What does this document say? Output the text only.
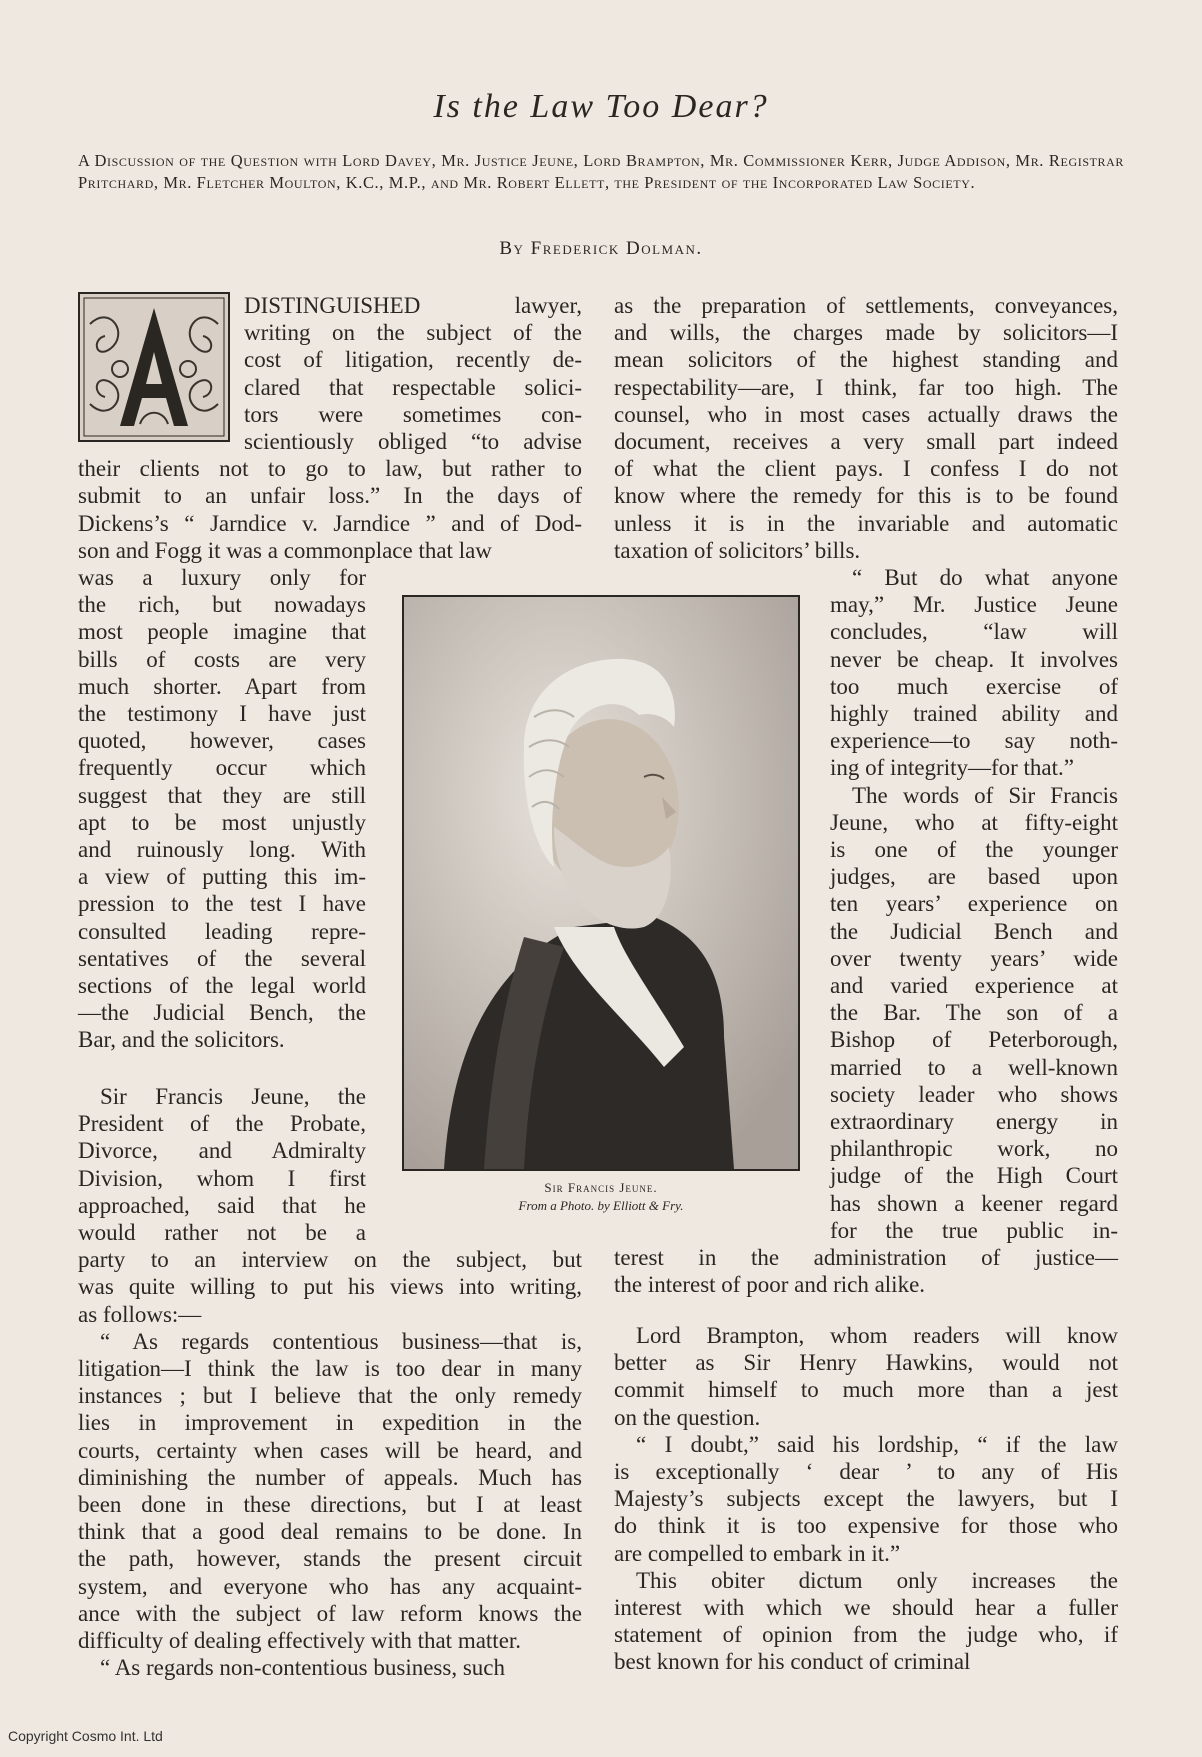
Is the Law Too Dear?
A Discussion of the Question with Lord Davey, Mr. Justice Jeune, Lord Brampton, Mr. Commissioner Kerr, Judge Addison, Mr. Registrar Pritchard, Mr. Fletcher Moulton, K.C., M.P., and Mr. Robert Ellett, the President of the Incorporated Law Society.
By Frederick Dolman.
Sir Francis Jeune.
From a Photo. by Elliott & Fry.
DISTINGUISHED lawyer,
writing on the subject of the
cost of litigation, recently de-
clared that respectable solici-
tors were sometimes con-
scientiously obliged “to advise
their clients not to go to law, but rather to
submit to an unfair loss.” In the days of
Dickens’s “ Jarndice v. Jarndice ” and of Dod-
son and Fogg it was a commonplace that law
was a luxury only for
the rich, but nowadays
most people imagine that
bills of costs are very
much shorter. Apart from
the testimony I have just
quoted, however, cases
frequently occur which
suggest that they are still
apt to be most unjustly
and ruinously long. With
a view of putting this im-
pression to the test I have
consulted leading repre-
sentatives of the several
sections of the legal world
—the Judicial Bench, the
Bar, and the solicitors.
Sir Francis Jeune, the
President of the Probate,
Divorce, and Admiralty
Division, whom I first
approached, said that he
would rather not be a
party to an interview on the subject, but
was quite willing to put his views into writing,
as follows:—
“ As regards contentious business—that is,
litigation—I think the law is too dear in many
instances ; but I believe that the only remedy
lies in improvement in expedition in the
courts, certainty when cases will be heard, and
diminishing the number of appeals. Much has
been done in these directions, but I at least
think that a good deal remains to be done. In
the path, however, stands the present circuit
system, and everyone who has any acquaint-
ance with the subject of law reform knows the
difficulty of dealing effectively with that matter.
“ As regards non-contentious business, such
as the preparation of settlements, conveyances,
and wills, the charges made by solicitors—I
mean solicitors of the highest standing and
respectability—are, I think, far too high. The
counsel, who in most cases actually draws the
document, receives a very small part indeed
of what the client pays. I confess I do not
know where the remedy for this is to be found
unless it is in the invariable and automatic
taxation of solicitors’ bills.
“ But do what anyone
may,” Mr. Justice Jeune
concludes, “law will
never be cheap. It involves
too much exercise of
highly trained ability and
experience—to say noth-
ing of integrity—for that.”
The words of Sir Francis
Jeune, who at fifty-eight
is one of the younger
judges, are based upon
ten years’ experience on
the Judicial Bench and
over twenty years’ wide
and varied experience at
the Bar. The son of a
Bishop of Peterborough,
married to a well-known
society leader who shows
extraordinary energy in
philanthropic work, no
judge of the High Court
has shown a keener regard
for the true public in-
terest in the administration of justice—
the interest of poor and rich alike.
Lord Brampton, whom readers will know
better as Sir Henry Hawkins, would not
commit himself to much more than a jest
on the question.
“ I doubt,” said his lordship, “ if the law
is exceptionally ‘ dear ’ to any of His
Majesty’s subjects except the lawyers, but I
do think it is too expensive for those who
are compelled to embark in it.”
This obiter dictum only increases the
interest with which we should hear a fuller
statement of opinion from the judge who, if
best known for his conduct of criminal
Copyright Cosmo Int. Ltd
